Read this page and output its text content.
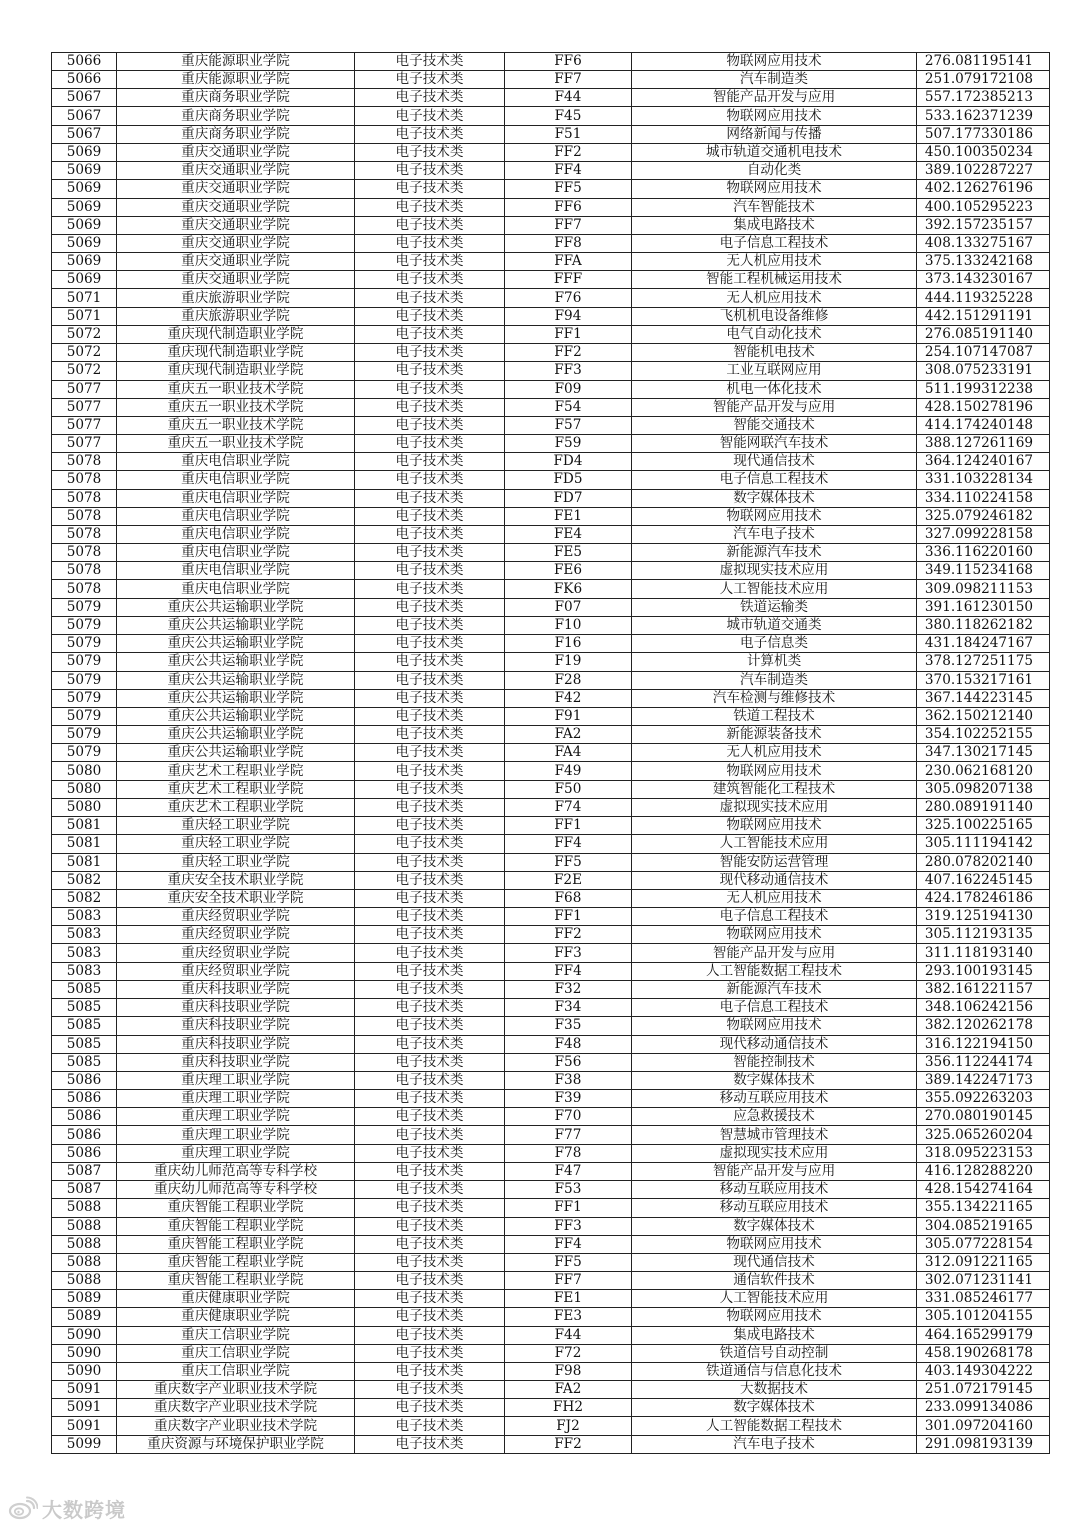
5066	重庆能源职业学院	电子技术类	FF6	物联网应用技术	276.081195141
5066	重庆能源职业学院	电子技术类	FF7	汽车制造类	251.079172108
5067	重庆商务职业学院	电子技术类	F44	智能产品开发与应用	557.172385213
5067	重庆商务职业学院	电子技术类	F45	物联网应用技术	533.162371239
5067	重庆商务职业学院	电子技术类	F51	网络新闻与传播	507.177330186
5069	重庆交通职业学院	电子技术类	FF2	城市轨道交通机电技术	450.100350234
5069	重庆交通职业学院	电子技术类	FF4	自动化类	389.102287227
5069	重庆交通职业学院	电子技术类	FF5	物联网应用技术	402.126276196
5069	重庆交通职业学院	电子技术类	FF6	汽车智能技术	400.105295223
5069	重庆交通职业学院	电子技术类	FF7	集成电路技术	392.157235157
5069	重庆交通职业学院	电子技术类	FF8	电子信息工程技术	408.133275167
5069	重庆交通职业学院	电子技术类	FFA	无人机应用技术	375.133242168
5069	重庆交通职业学院	电子技术类	FFF	智能工程机械运用技术	373.143230167
5071	重庆旅游职业学院	电子技术类	F76	无人机应用技术	444.119325228
5071	重庆旅游职业学院	电子技术类	F94	飞机机电设备维修	442.151291191
5072	重庆现代制造职业学院	电子技术类	FF1	电气自动化技术	276.085191140
5072	重庆现代制造职业学院	电子技术类	FF2	智能机电技术	254.107147087
5072	重庆现代制造职业学院	电子技术类	FF3	工业互联网应用	308.075233191
5077	重庆五一职业技术学院	电子技术类	F09	机电一体化技术	511.199312238
5077	重庆五一职业技术学院	电子技术类	F54	智能产品开发与应用	428.150278196
5077	重庆五一职业技术学院	电子技术类	F57	智能交通技术	414.174240148
5077	重庆五一职业技术学院	电子技术类	F59	智能网联汽车技术	388.127261169
5078	重庆电信职业学院	电子技术类	FD4	现代通信技术	364.124240167
5078	重庆电信职业学院	电子技术类	FD5	电子信息工程技术	331.103228134
5078	重庆电信职业学院	电子技术类	FD7	数字媒体技术	334.110224158
5078	重庆电信职业学院	电子技术类	FE1	物联网应用技术	325.079246182
5078	重庆电信职业学院	电子技术类	FE4	汽车电子技术	327.099228158
5078	重庆电信职业学院	电子技术类	FE5	新能源汽车技术	336.116220160
5078	重庆电信职业学院	电子技术类	FE6	虚拟现实技术应用	349.115234168
5078	重庆电信职业学院	电子技术类	FK6	人工智能技术应用	309.098211153
5079	重庆公共运输职业学院	电子技术类	F07	铁道运输类	391.161230150
5079	重庆公共运输职业学院	电子技术类	F10	城市轨道交通类	380.118262182
5079	重庆公共运输职业学院	电子技术类	F16	电子信息类	431.184247167
5079	重庆公共运输职业学院	电子技术类	F19	计算机类	378.127251175
5079	重庆公共运输职业学院	电子技术类	F28	汽车制造类	370.153217161
5079	重庆公共运输职业学院	电子技术类	F42	汽车检测与维修技术	367.144223145
5079	重庆公共运输职业学院	电子技术类	F91	铁道工程技术	362.150212140
5079	重庆公共运输职业学院	电子技术类	FA2	新能源装备技术	354.102252155
5079	重庆公共运输职业学院	电子技术类	FA4	无人机应用技术	347.130217145
5080	重庆艺术工程职业学院	电子技术类	F49	物联网应用技术	230.062168120
5080	重庆艺术工程职业学院	电子技术类	F50	建筑智能化工程技术	305.098207138
5080	重庆艺术工程职业学院	电子技术类	F74	虚拟现实技术应用	280.089191140
5081	重庆轻工职业学院	电子技术类	FF1	物联网应用技术	325.100225165
5081	重庆轻工职业学院	电子技术类	FF4	人工智能技术应用	305.111194142
5081	重庆轻工职业学院	电子技术类	FF5	智能安防运营管理	280.078202140
5082	重庆安全技术职业学院	电子技术类	F2E	现代移动通信技术	407.162245145
5082	重庆安全技术职业学院	电子技术类	F68	无人机应用技术	424.178246186
5083	重庆经贸职业学院	电子技术类	FF1	电子信息工程技术	319.125194130
5083	重庆经贸职业学院	电子技术类	FF2	物联网应用技术	305.112193135
5083	重庆经贸职业学院	电子技术类	FF3	智能产品开发与应用	311.118193140
5083	重庆经贸职业学院	电子技术类	FF4	人工智能数据工程技术	293.100193145
5085	重庆科技职业学院	电子技术类	F32	新能源汽车技术	382.161221157
5085	重庆科技职业学院	电子技术类	F34	电子信息工程技术	348.106242156
5085	重庆科技职业学院	电子技术类	F35	物联网应用技术	382.120262178
5085	重庆科技职业学院	电子技术类	F48	现代移动通信技术	316.122194150
5085	重庆科技职业学院	电子技术类	F56	智能控制技术	356.112244174
5086	重庆理工职业学院	电子技术类	F38	数字媒体技术	389.142247173
5086	重庆理工职业学院	电子技术类	F39	移动互联应用技术	355.092263203
5086	重庆理工职业学院	电子技术类	F70	应急救援技术	270.080190145
5086	重庆理工职业学院	电子技术类	F77	智慧城市管理技术	325.065260204
5086	重庆理工职业学院	电子技术类	F78	虚拟现实技术应用	318.095223153
5087	重庆幼儿师范高等专科学校	电子技术类	F47	智能产品开发与应用	416.128288220
5087	重庆幼儿师范高等专科学校	电子技术类	F53	移动互联应用技术	428.154274164
5088	重庆智能工程职业学院	电子技术类	FF1	移动互联应用技术	355.134221165
5088	重庆智能工程职业学院	电子技术类	FF3	数字媒体技术	304.085219165
5088	重庆智能工程职业学院	电子技术类	FF4	物联网应用技术	305.077228154
5088	重庆智能工程职业学院	电子技术类	FF5	现代通信技术	312.091221165
5088	重庆智能工程职业学院	电子技术类	FF7	通信软件技术	302.071231141
5089	重庆健康职业学院	电子技术类	FE1	人工智能技术应用	331.085246177
5089	重庆健康职业学院	电子技术类	FE3	物联网应用技术	305.101204155
5090	重庆工信职业学院	电子技术类	F44	集成电路技术	464.165299179
5090	重庆工信职业学院	电子技术类	F72	铁道信号自动控制	458.190268178
5090	重庆工信职业学院	电子技术类	F98	铁道通信与信息化技术	403.149304222
5091	重庆数字产业职业技术学院	电子技术类	FA2	大数据技术	251.072179145
5091	重庆数字产业职业技术学院	电子技术类	FH2	数字媒体技术	233.099134086
5091	重庆数字产业职业技术学院	电子技术类	FJ2	人工智能数据工程技术	301.097204160
5099	重庆资源与环境保护职业学院	电子技术类	FF2	汽车电子技术	291.098193139
大数跨境
